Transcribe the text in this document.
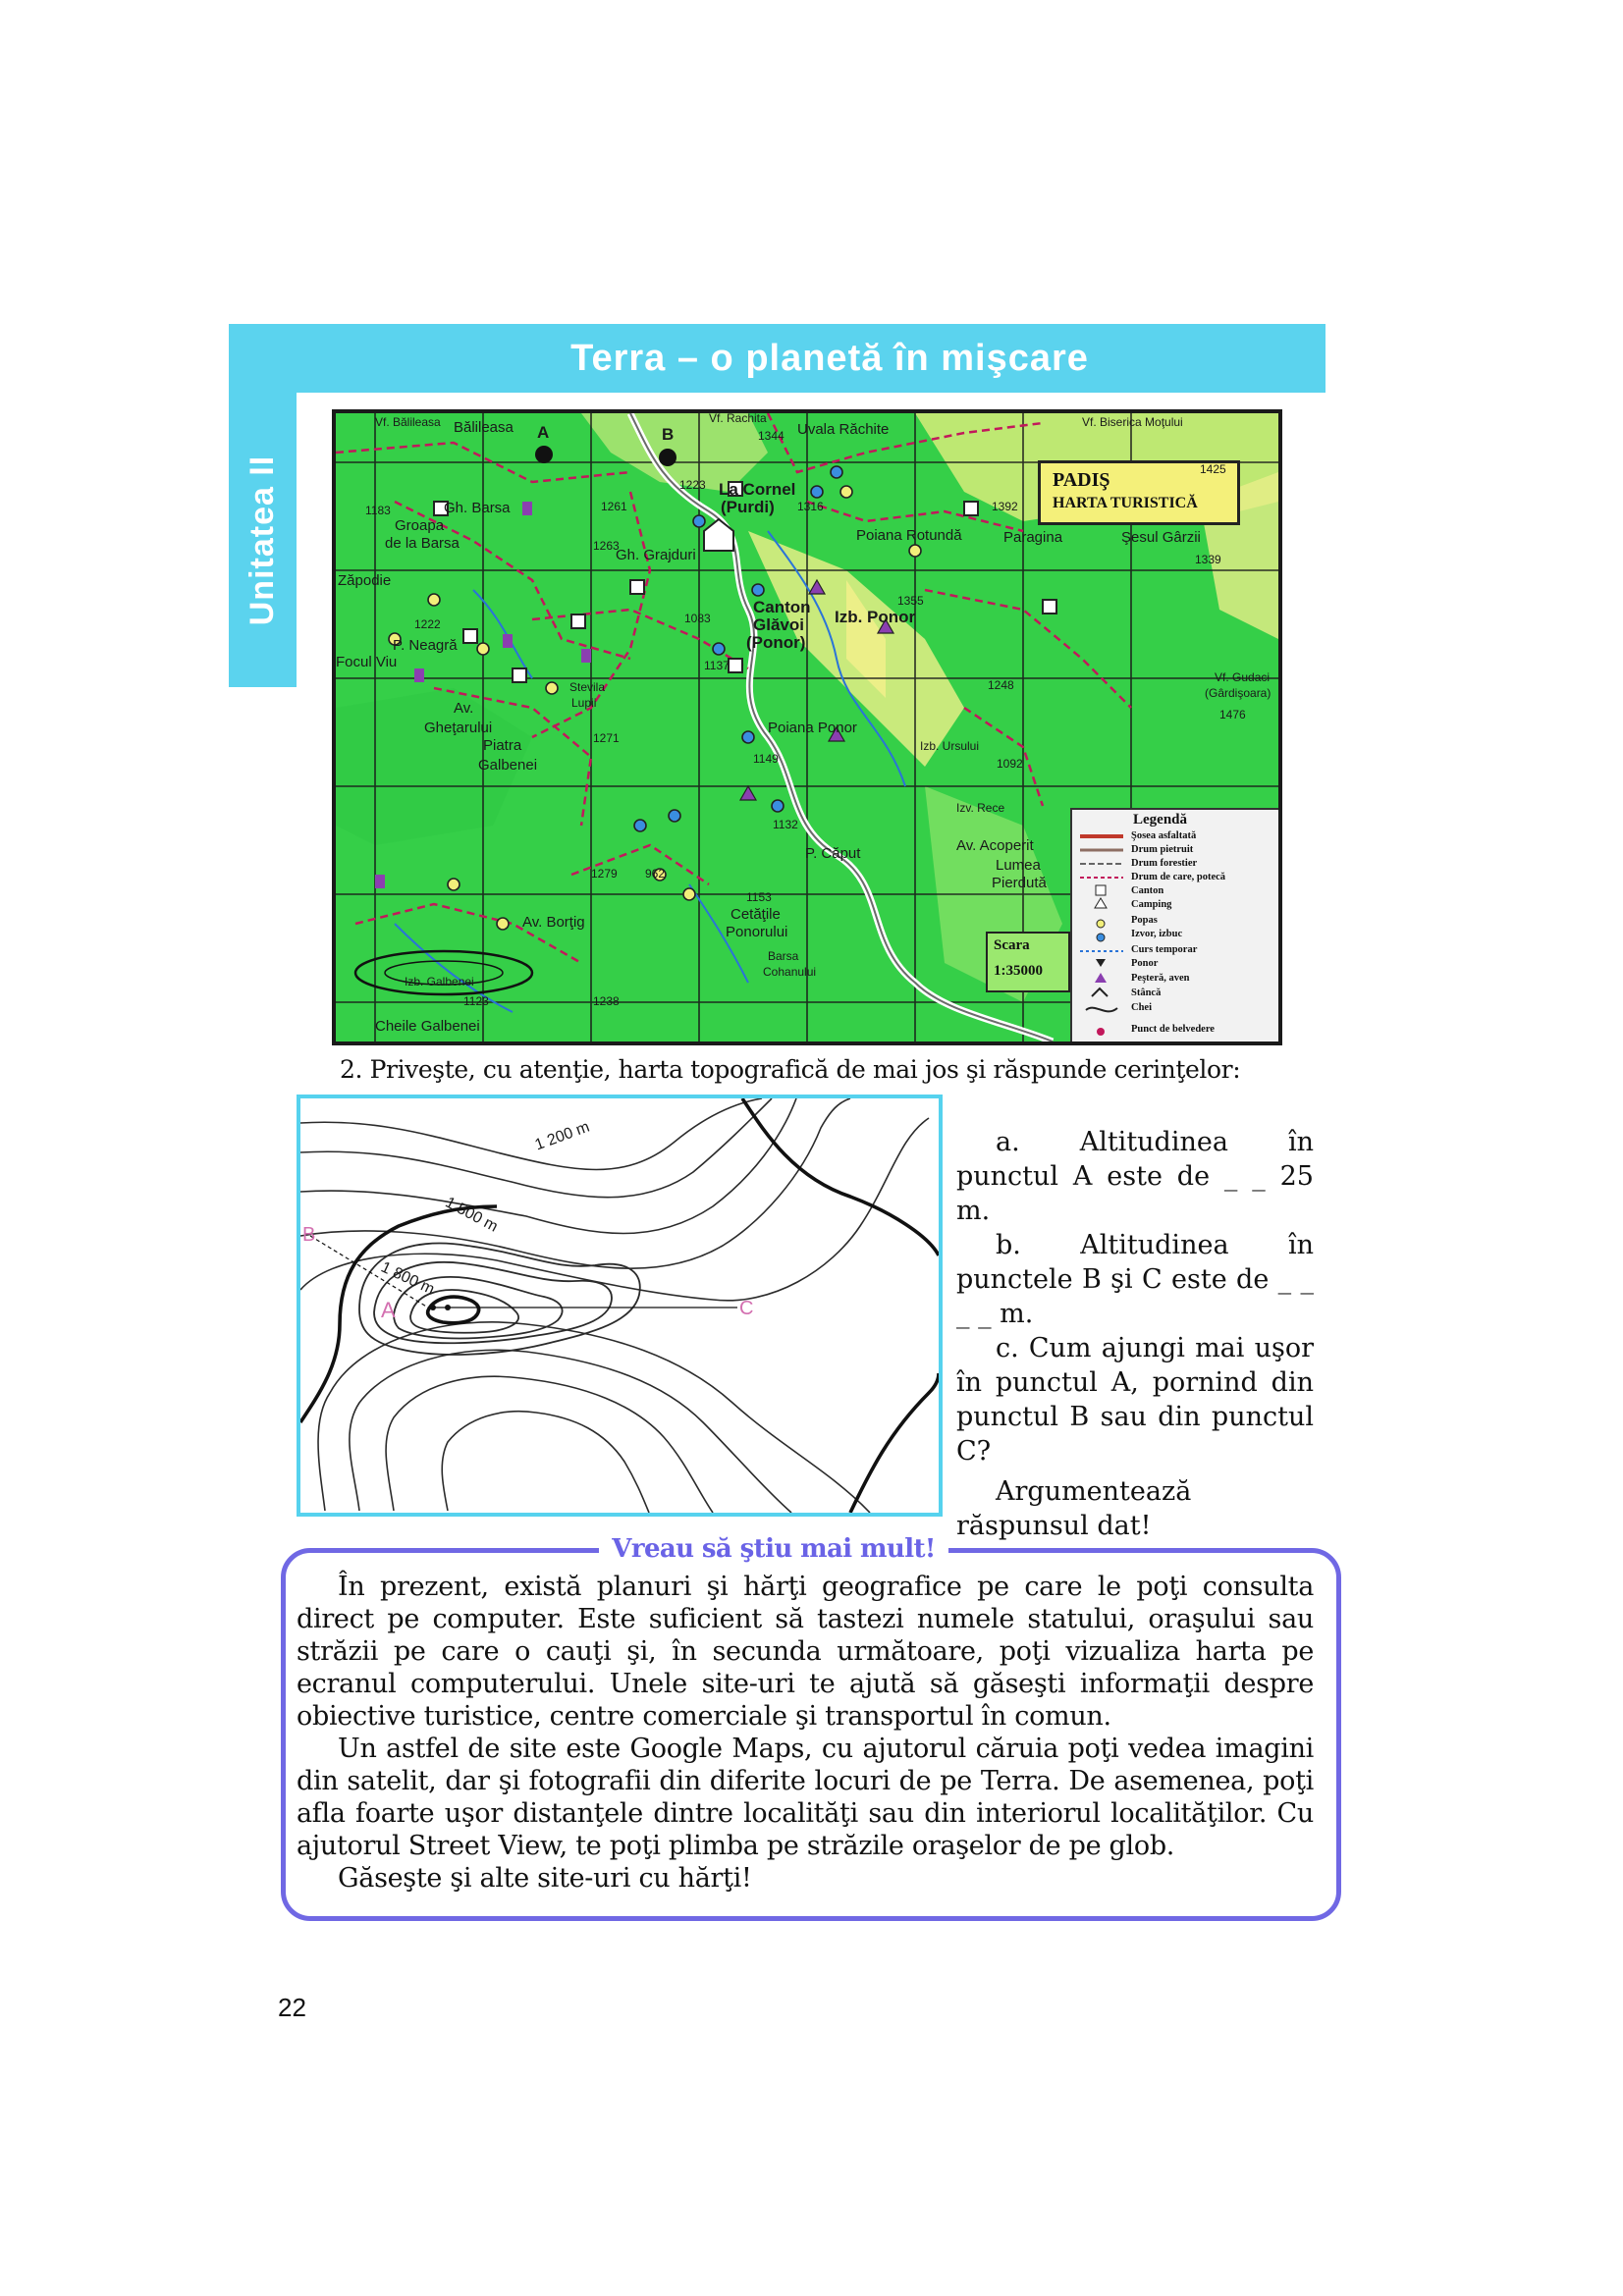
Terra – o planetă în mişcare
Unitatea II	PADIŞ
HARTA TURISTICĂ
A	B
Vf. Bălileasa Bălileasa
Vf. Rachita
Uvala Răchite	Vf. Biserica Moţului
Gh. Barsa
Groapa
de la Barsa
Zăpodie
P. Neagră
Focul Viu
La Cornel
(Purdi)
Poiana Rotundă	Paragina	Şesul Gârzii
Canton
Glăvoi
(Ponor)
Izb. Ponor
Vf. Gudaci
(Gârdişoara)
Stevila
Lupii
Av.
Gheţarului
Piatra
Galbenei
Poiana Ponor
Izb. Ursului
Izv. Rece
Av. Acoperit
Lumea
Pierdută
P. Căput
Cetăţile
Ponorului
Av. Borţig
Izb. Galbenei
Cheile Galbenei
Barsa
Cohanului
Gh. Grajduri
1344
1425
1183	1261
1223
1316	1392
1339
1263
1222	1083
1355
1137
1248
1476
1271
1149	1092
1132
1279 962
1153
1238
1123
Scara
1:35000
Legendă
Şosea asfaltată
Drum pietruit
Drum forestier
Drum de care, potecă
Canton
Camping
Popas
Izvor, izbuc
Curs temporar
Ponor
Peşteră, aven
Stâncă
Chei
Punct de belvedere
2. Priveşte, cu atenţie, harta topografică de mai jos şi răspunde cerinţelor:
1 200 m
1 500 m
1 800 m
A
B
C

a. Altitudinea în punctul A este de _ _ 25 m.

b. Altitudinea în punctele B şi C este de _ _ _ _ m.

c. Cum ajungi mai uşor în punctul A, pornind din punctul B sau din punctul C?

Argumentează răspunsul dat!

Vreau să ştiu mai mult!

În prezent, există planuri şi hărţi geografice pe care le poţi consulta direct pe computer. Este suficient să tastezi numele statului, oraşului sau străzii pe care o cauţi şi, în secunda următoare, poţi vizualiza harta pe ecranul computerului. Unele site-uri te ajută să găseşti informaţii despre obiective turistice, centre comerciale şi transportul în comun.

Un astfel de site este Google Maps, cu ajutorul căruia poţi vedea imagini din satelit, dar şi fotografii din diferite locuri de pe Terra. De asemenea, poţi afla foarte uşor distanţele dintre localităţi sau din interiorul localităţilor. Cu ajutorul Street View, te poţi plimba pe străzile oraşelor de pe glob.

Găseşte şi alte site-uri cu hărţi!

22
